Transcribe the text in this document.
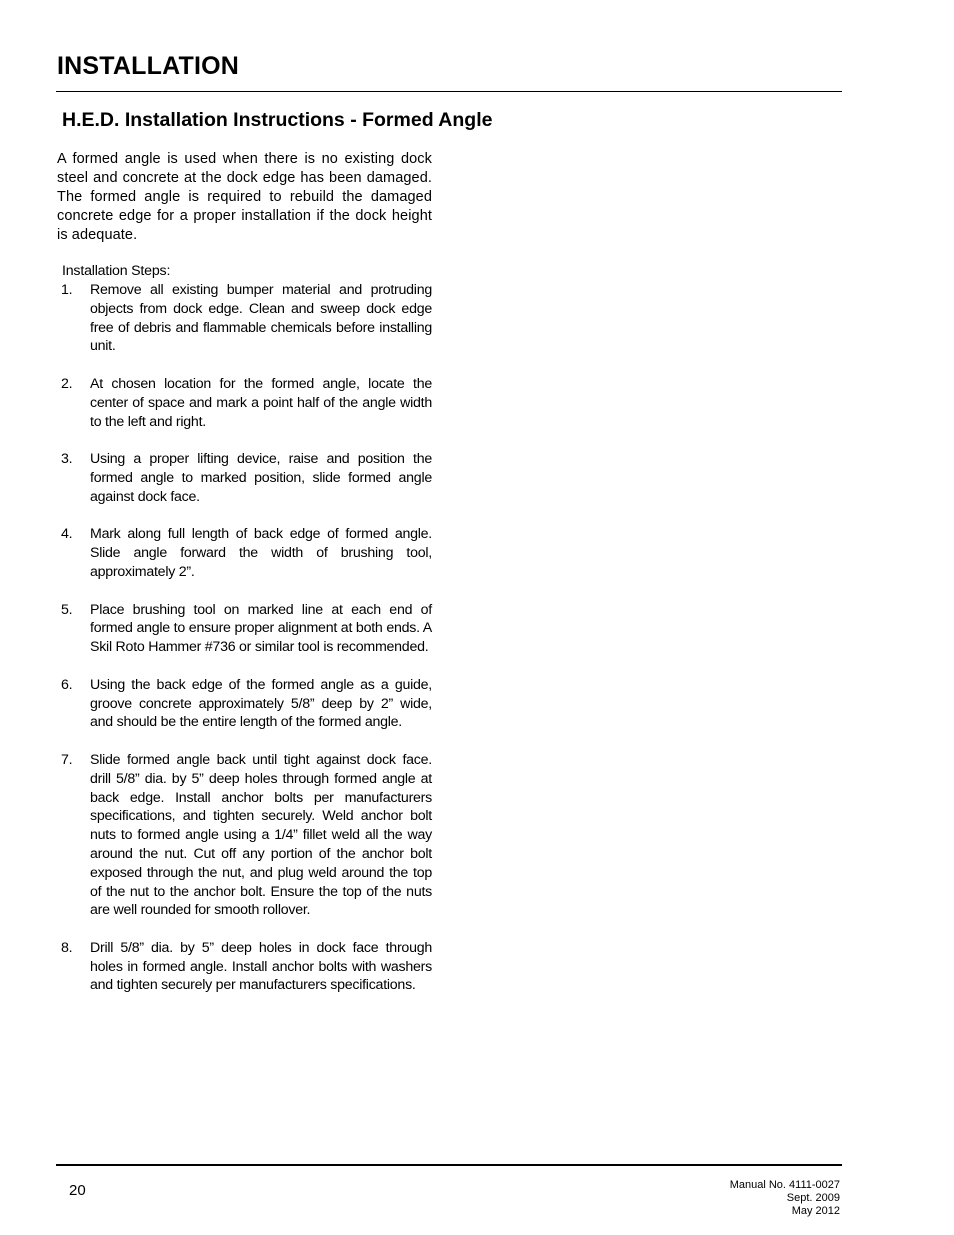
INSTALLATION
H.E.D. Installation Instructions - Formed Angle
A formed angle is used when there is no existing dock steel and concrete at the dock edge has been damaged. The formed angle is required to rebuild the damaged concrete edge for a proper installation if the dock height is adequate.
Installation Steps:
1. Remove all existing bumper material and protruding objects from dock edge. Clean and sweep dock edge free of debris and flammable chemicals before installing unit.
2. At chosen location for the formed angle, locate the center of space and mark a point half of the angle width to the left and right.
3. Using a proper lifting device, raise and position the formed angle to marked position, slide formed angle against dock face.
4. Mark along full length of back edge of formed angle. Slide angle forward the width of brushing tool, approximately 2”.
5. Place brushing tool on marked line at each end of formed angle to ensure proper alignment at both ends. A Skil Roto Hammer #736 or similar tool is recommended.
6. Using the back edge of the formed angle as a guide, groove concrete approximately 5/8” deep by 2” wide, and should be the entire length of the formed angle.
7. Slide formed angle back until tight against dock face. drill 5/8” dia. by 5” deep holes through formed angle at back edge. Install anchor bolts per manufacturers specifications, and tighten securely. Weld anchor bolt nuts to formed angle using a 1/4” fillet weld all the way around the nut. Cut off any portion of the anchor bolt exposed through the nut, and plug weld around the top of the nut to the anchor bolt. Ensure the top of the nuts are well rounded for smooth rollover.
8. Drill 5/8” dia. by 5” deep holes in dock face through holes in formed angle. Install anchor bolts with washers and tighten securely per manufacturers specifications.
20	Manual No. 4111-0027
Sept. 2009
May 2012
